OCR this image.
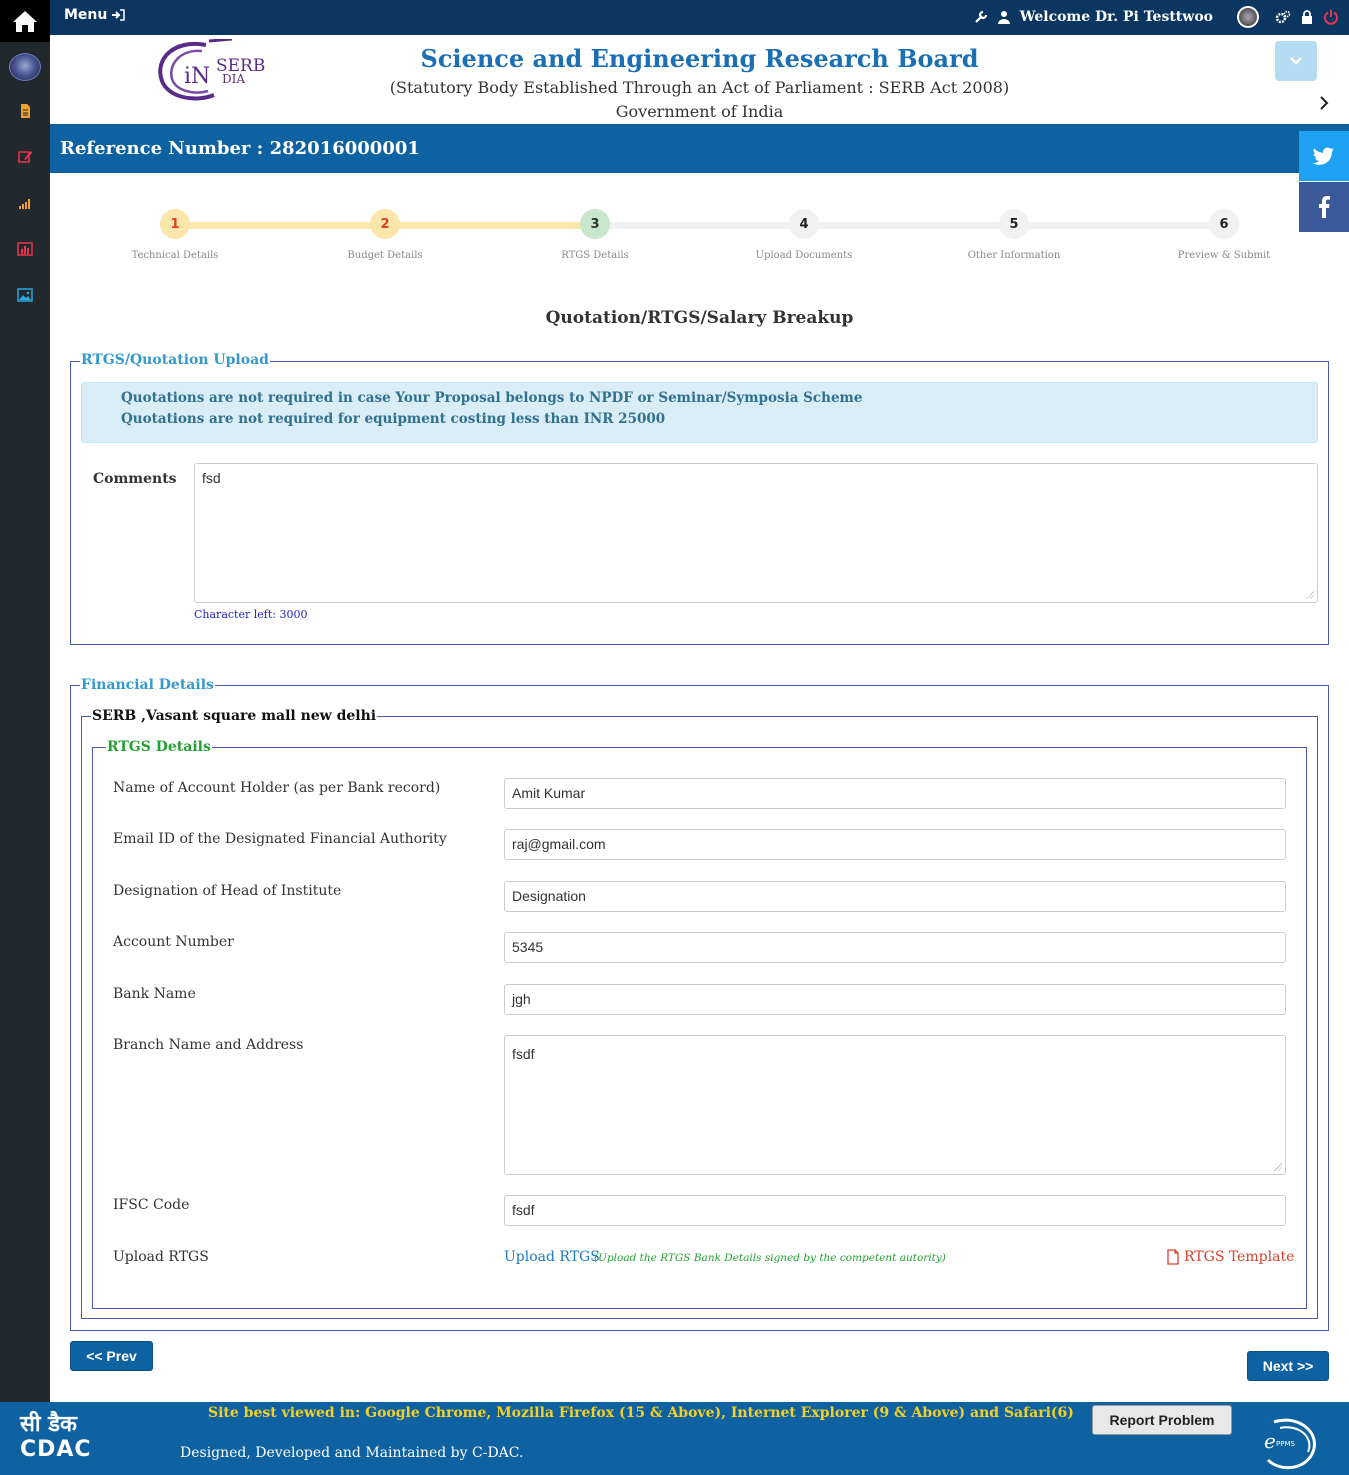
Menu	Welcome Dr. Pi Testtwoo
iN SERB
DIA
Science and Engineering Research Board
(Statutory Body Established Through an Act of Parliament : SERB Act 2008)
Government of India
Reference Number : 282016000001
1
Technical Details
2
Budget Details
3
RTGS Details
4
Upload Documents
5
Other Information
6
Preview & Submit
Quotation/RTGS/Salary Breakup
RTGS/Quotation Upload
Quotations are not required in case Your Proposal belongs to NPDF or Seminar/Symposia Scheme
Quotations are not required for equipment costing less than INR 25000
Comments	fsd
Character left: 3000
Financial Details
SERB ,Vasant square mall new delhi
RTGS Details
Name of Account Holder (as per Bank record)	Amit Kumar
Email ID of the Designated Financial Authority	raj@gmail.com
Designation of Head of Institute	Designation
Account Number	5345
Bank Name	jgh
Branch Name and Address
fsdf
IFSC Code	fsdf
Upload RTGS	Upload RTGS
(Upload the RTGS Bank Details signed by the competent autority)	RTGS Template
<< Prev
Next >>
सी डैक
CDAC
Site best viewed in: Google Chrome, Mozilla Firefox (15 & Above), Internet Explorer (9 & Above) and Safari(6)
Designed, Developed and Maintained by C-DAC.
Report Problem
e PPMS
